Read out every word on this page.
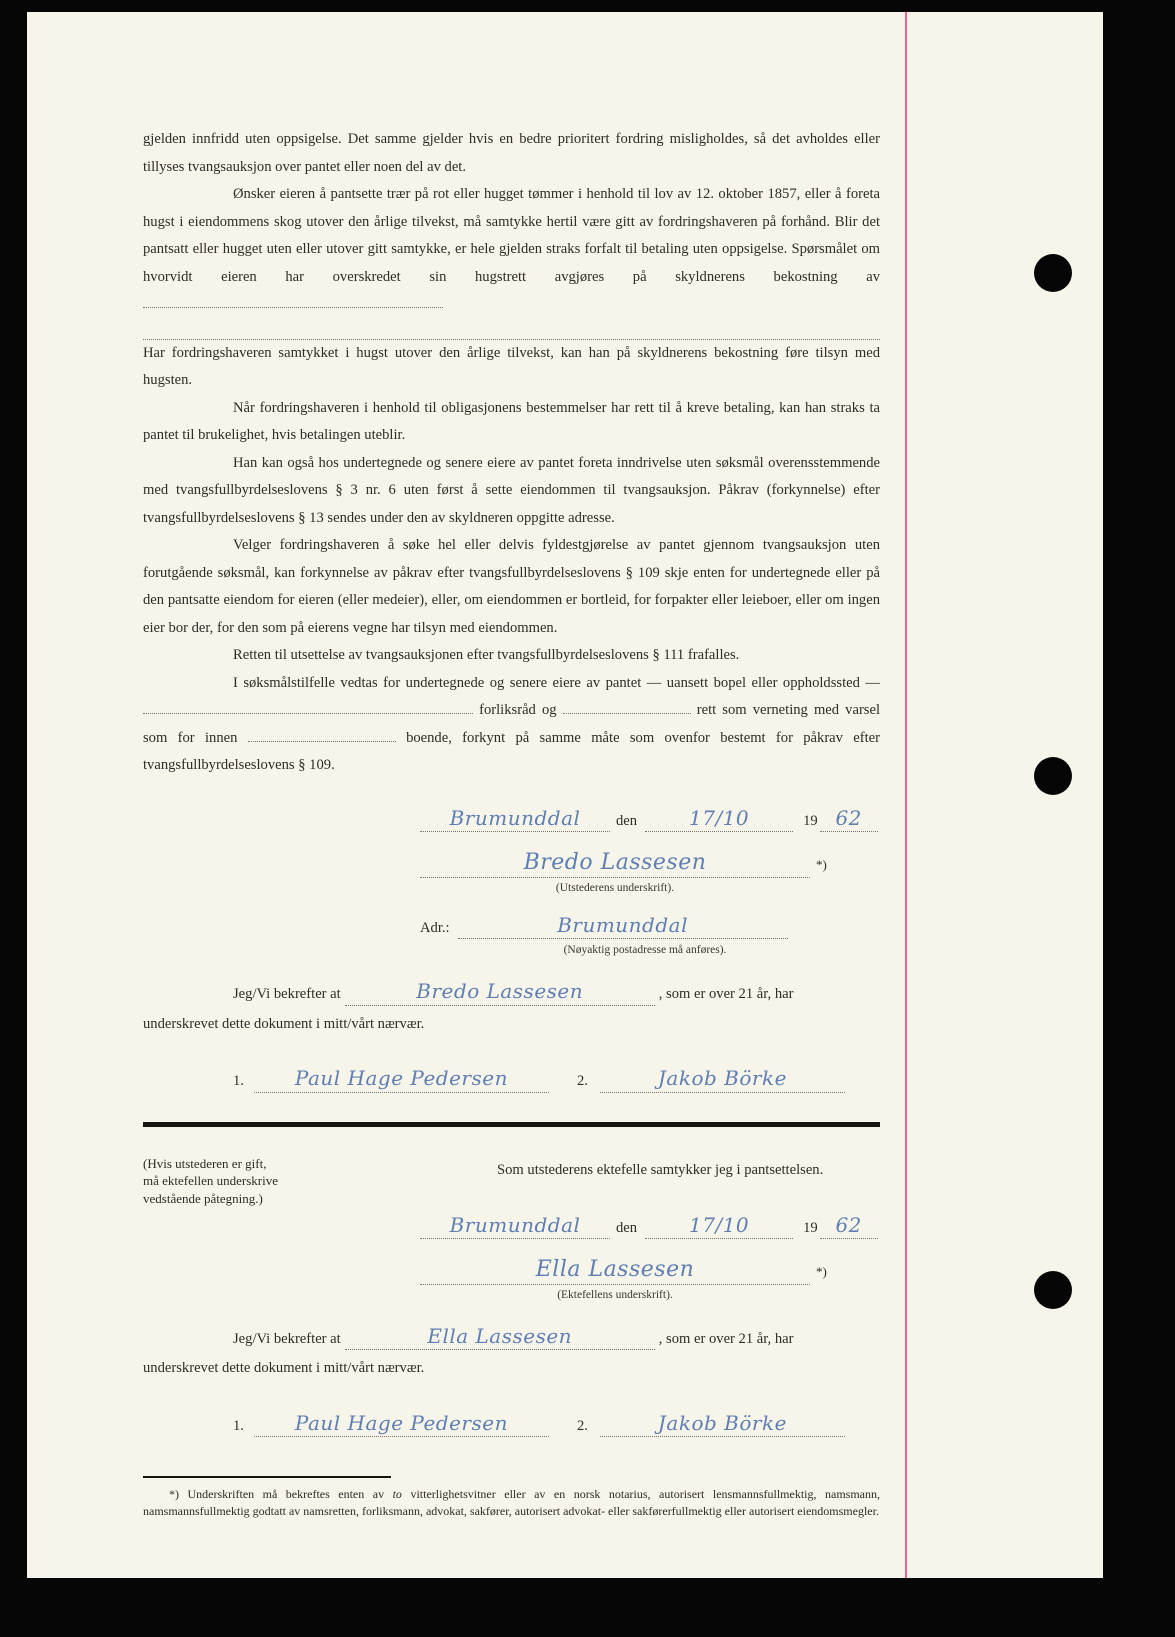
gjelden innfridd uten oppsigelse. Det samme gjelder hvis en bedre prioritert fordring misligholdes, så det avholdes eller tillyses tvangsauksjon over pantet eller noen del av det.

Ønsker eieren å pantsette trær på rot eller hugget tømmer i henhold til lov av 12. oktober 1857, eller å foreta hugst i eiendommens skog utover den årlige tilvekst, må samtykke hertil være gitt av fordringshaveren på forhånd. Blir det pantsatt eller hugget uten eller utover gitt samtykke, er hele gjelden straks forfalt til betaling uten oppsigelse. Spørsmålet om hvorvidt eieren har overskredet sin hugstrett avgjøres på skyldnerens bekostning av

Har fordringshaveren samtykket i hugst utover den årlige tilvekst, kan han på skyldnerens bekostning føre tilsyn med hugsten.

Når fordringshaveren i henhold til obligasjonens bestemmelser har rett til å kreve betaling, kan han straks ta pantet til brukelighet, hvis betalingen uteblir.

Han kan også hos undertegnede og senere eiere av pantet foreta inndrivelse uten søksmål overensstemmende med tvangsfullbyrdelseslovens § 3 nr. 6 uten først å sette eiendommen til tvangsauksjon. Påkrav (forkynnelse) efter tvangsfullbyrdelseslovens § 13 sendes under den av skyldneren oppgitte adresse.

Velger fordringshaveren å søke hel eller delvis fyldestgjørelse av pantet gjennom tvangsauksjon uten forutgående søksmål, kan forkynnelse av påkrav efter tvangsfullbyrdelseslovens § 109 skje enten for undertegnede eller på den pantsatte eiendom for eieren (eller medeier), eller, om eiendommen er bortleid, for forpakter eller leieboer, eller om ingen eier bor der, for den som på eierens vegne har tilsyn med eiendommen.

Retten til utsettelse av tvangsauksjonen efter tvangsfullbyrdelseslovens § 111 frafalles.

I søksmålstilfelle vedtas for undertegnede og senere eiere av pantet — uansett bopel eller oppholdssted —  forliksråd og	rett som verneting med varsel som for innen	boende, forkynt på samme måte som ovenfor bestemt for påkrav efter tvangsfullbyrdelseslovens § 109.

Brumunddal den	17/10	19 62
Bredo Lassesen	*)
(Utstederens underskrift).
Adr.:	Brumunddal
(Nøyaktig postadresse må anføres).
Jeg/Vi bekrefter at	Bredo Lassesen	, som er over 21 år, har
underskrevet dette dokument i mitt/vårt nærvær.
1.	Paul Hage Pedersen	2.	Jakob Börke
(Hvis utstederen er gift,
må ektefellen underskrive
vedstående påtegning.)
Som utstederens ektefelle samtykker jeg i pantsettelsen.
Brumunddal den	17/10	19 62
Ella Lassesen	*)
(Ektefellens underskrift).
Jeg/Vi bekrefter at	Ella Lassesen	, som er over 21 år, har
underskrevet dette dokument i mitt/vårt nærvær.
1.	Paul Hage Pedersen	2.	Jakob Börke

*) Underskriften må bekreftes enten av to vitterlighetsvitner eller av en norsk notarius, autorisert lensmannsfullmektig, namsmann, namsmannsfullmektig godtatt av namsretten, forliksmann, advokat, sakfører, autorisert advokat- eller sakførerfullmektig eller autorisert eiendomsmegler.
